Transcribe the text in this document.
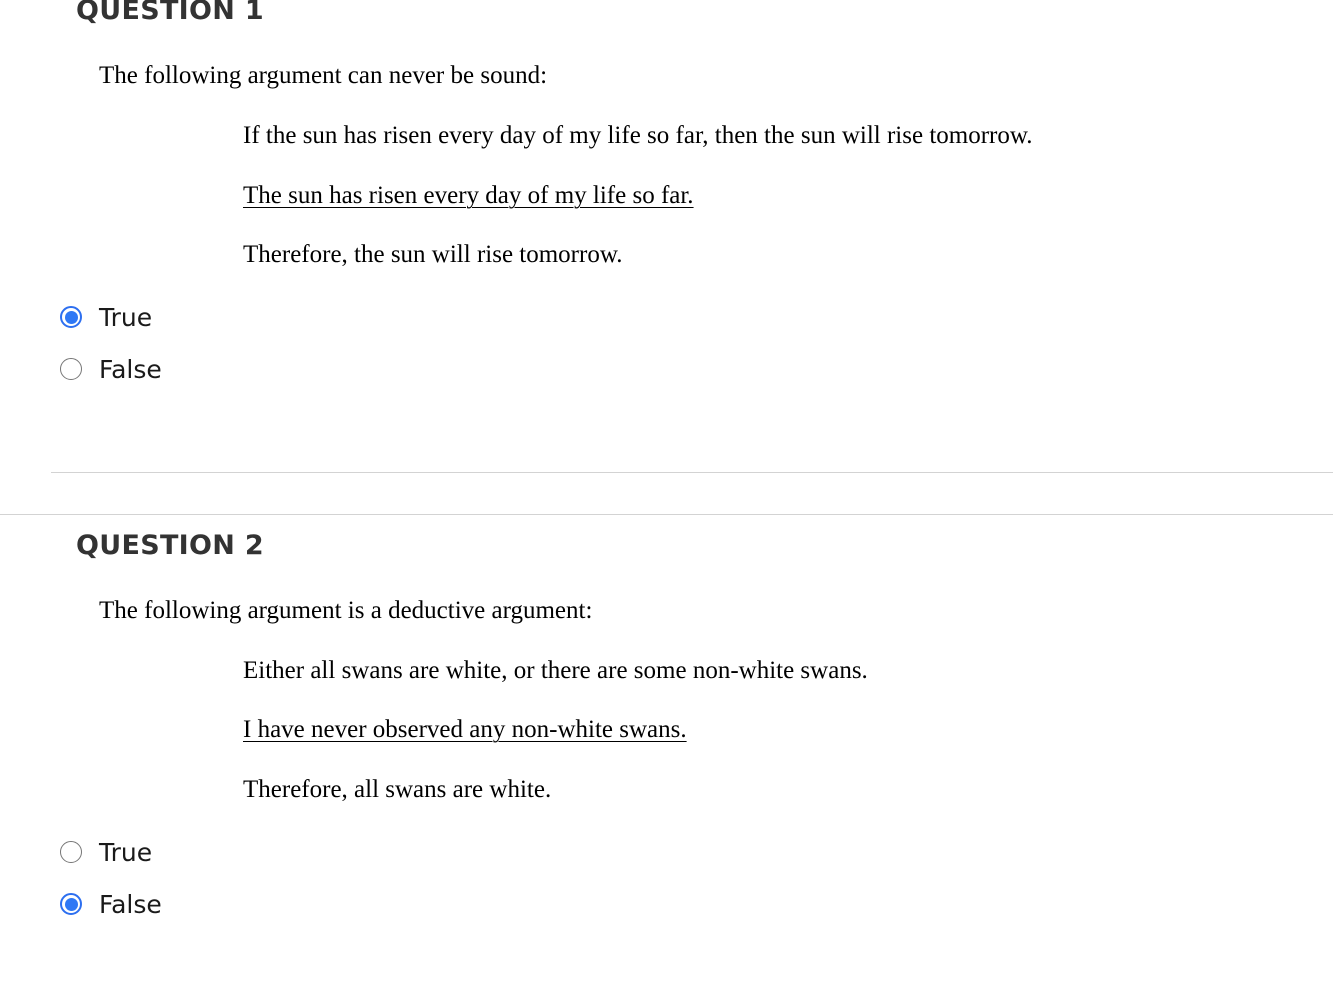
QUESTION 1

The following argument can never be sound:

If the sun has risen every day of my life so far, then the sun will rise tomorrow.

The sun has risen every day of my life so far.

Therefore, the sun will rise tomorrow.

True
False
QUESTION 2

The following argument is a deductive argument:

Either all swans are white, or there are some non-white swans.

I have never observed any non-white swans.

Therefore, all swans are white.

True
False
